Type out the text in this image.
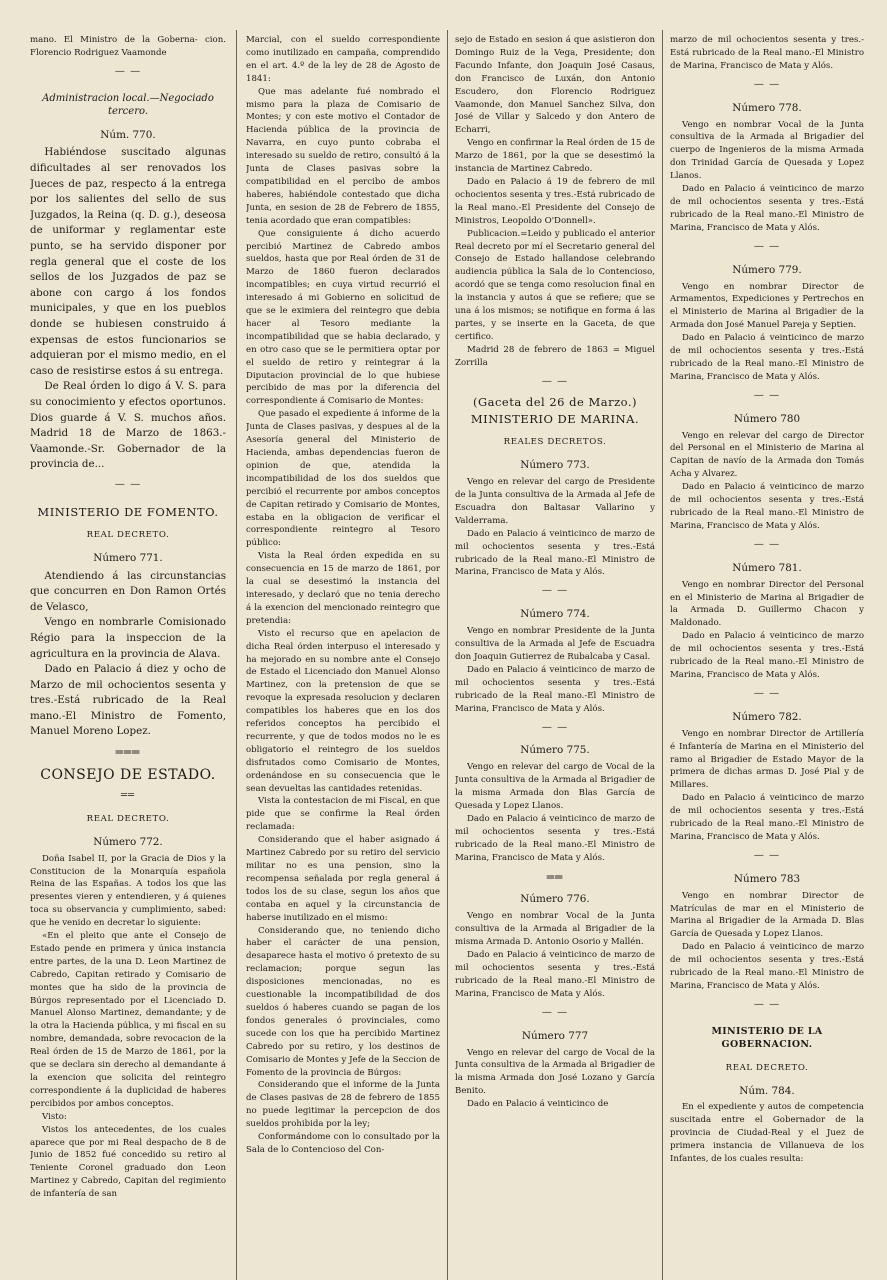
mano. El Ministro de la Goberna- cion. Florencio Rodriguez Vaamonde

— —
Administracion local.—Negociado tercero.
Núm. 770.

Habiéndose suscitado algunas dificultades al ser renovados los Jueces de paz, respecto á la entrega por los salientes del sello de sus Juzgados, la Reina (q. D. g.), deseosa de uniformar y reglamentar este punto, se ha servido disponer por regla general que el coste de los sellos de los Juzgados de paz se abone con cargo á los fondos municipales, y que en los pueblos donde se hubiesen construido á expensas de estos funcionarios se adquieran por el mismo medio, en el caso de resistirse estos á su entrega.

De Real órden lo digo á V. S. para su conocimiento y efectos oportunos. Dios guarde á V. S. muchos años. Madrid 18 de Marzo de 1863.-Vaamonde.-Sr. Gobernador de la provincia de...

— —
MINISTERIO DE FOMENTO.
REAL DECRETO.
Número 771.

Atendiendo á las circunstancias que concurren en Don Ramon Ortés de Velasco,

Vengo en nombrarle Comisionado Régio para la inspeccion de la agricultura en la provincia de Alava.

Dado en Palacio á diez y ocho de Marzo de mil ochocientos sesenta y tres.-Está rubricado de la Real mano.-El Ministro de Fomento, Manuel Moreno Lopez.

═══
CONSEJO DE ESTADO.
══
REAL DECRETO.
Número 772.

Doña Isabel II, por la Gracia de Dios y la Constitucion de la Monarquía española Reina de las Españas. A todos los que las presentes vieren y entendieren, y á quienes toca su observancia y cumplimiento, sabed: que he venido en decretar lo siguiente:

«En el pleito que ante el Consejo de Estado pende en primera y única instancia entre partes, de la una D. Leon Martinez de Cabredo, Capitan retirado y Comisario de montes que ha sido de la provincia de Búrgos representado por el Licenciado D. Manuel Alonso Martinez, demandante; y de la otra la Hacienda pública, y mi fiscal en su nombre, demandada, sobre revocacion de la Real órden de 15 de Marzo de 1861, por la que se declara sin derecho al demandante á la exencion que solicita del reintegro correspondiente á la duplicidad de haberes percibidos por ambos conceptos.

Visto:

Vistos los antecedentes, de los cuales aparece que por mi Real despacho de 8 de Junio de 1852 fué concedido su retiro al Teniente Coronel graduado don Leon Martinez y Cabredo, Capitan del regimiento de infantería de san

Marcial, con el sueldo correspondiente como inutilizado en campaña, comprendido en el art. 4.º de la ley de 28 de Agosto de 1841:

Que mas adelante fué nombrado el mismo para la plaza de Comisario de Montes; y con este motivo el Contador de Hacienda pública de la provincia de Navarra, en cuyo punto cobraba el interesado su sueldo de retiro, consultó á la Junta de Clases pasivas sobre la compatibilidad en el percibo de ambos haberes, habiéndole contestado que dicha Junta, en sesion de 28 de Febrero de 1855, tenia acordado que eran compatibles:

Que consiguiente á dicho acuerdo percibió Martinez de Cabredo ambos sueldos, hasta que por Real órden de 31 de Marzo de 1860 fueron declarados incompatibles; en cuya virtud recurrió el interesado á mi Gobierno en solicitud de que se le eximiera del reintegro que debia hacer al Tesoro mediante la incompatibilidad que se habia declarado, y en otro caso que se le permitiera optar por el sueldo de retiro y reintegrar á la Diputacion provincial de lo que hubiese percibido de mas por la diferencia del correspondiente á Comisario de Montes:

Que pasado el expediente á informe de la Junta de Clases pasivas, y despues al de la Asesoría general del Ministerio de Hacienda, ambas dependencias fueron de opinion de que, atendida la incompatibilidad de los dos sueldos que percibió el recurrente por ambos conceptos de Capitan retirado y Comisario de Montes, estaba en la obligacion de verificar el correspondiente reintegro al Tesoro público:

Vista la Real órden expedida en su consecuencia en 15 de marzo de 1861, por la cual se desestimó la instancia del interesado, y declaró que no tenia derecho á la exencion del mencionado reintegro que pretendia:

Visto el recurso que en apelacion de dicha Real órden interpuso el interesado y ha mejorado en su nombre ante el Consejo de Estado el Licenciado don Manuel Alonso Martinez, con la pretension de que se revoque la expresada resolucion y declaren compatibles los haberes que en los dos referidos conceptos ha percibido el recurrente, y que de todos modos no le es obligatorio el reintegro de los sueldos disfrutados como Comisario de Montes, ordenándose en su consecuencia que le sean devueltas las cantidades retenidas.

Vista la contestacion de mi Fiscal, en que pide que se confirme la Real órden reclamada:

Considerando que el haber asignado á Martinez Cabredo por su retiro del servicio militar no es una pension, sino la recompensa señalada por regla general á todos los de su clase, segun los años que contaba en aquel y la circunstancia de haberse inutilizado en el mismo:

Considerando que, no teniendo dicho haber el carácter de una pension, desaparece hasta el motivo ó pretexto de su reclamacion; porque segun las disposiciones mencionadas, no es cuestionable la incompatibilidad de dos sueldos ó haberes cuando se pagan de los fondos generales ó provinciales, como sucede con los que ha percibido Martinez Cabredo por su retiro, y los destinos de Comisario de Montes y Jefe de la Seccion de Fomento de la provincia de Búrgos:

Considerando que el informe de la Junta de Clases pasivas de 28 de febrero de 1855 no puede legitimar la percepcion de dos sueldos prohibida por la ley;

Conformándome con lo consultado por la Sala de lo Contencioso del Con-

sejo de Estado en sesion á que asistieron don Domingo Ruiz de la Vega, Presidente; don Facundo Infante, don Joaquin José Casaus, don Francisco de Luxán, don Antonio Escudero, don Florencio Rodriguez Vaamonde, don Manuel Sanchez Silva, don José de Villar y Salcedo y don Antero de Echarri,

Vengo en confirmar la Real órden de 15 de Marzo de 1861, por la que se desestimó la instancia de Martinez Cabredo.

Dado en Palacio á 19 de febrero de mil ochocientos sesenta y tres.-Está rubricado de la Real mano.-El Presidente del Consejo de Ministros, Leopoldo O'Donnell».

Publicacion.=Leido y publicado el anterior Real decreto por mí el Secretario general del Consejo de Estado hallandose celebrando audiencia pública la Sala de lo Contencioso, acordó que se tenga como resolucion final en la instancia y autos á que se refiere; que se una á los mismos; se notifique en forma á las partes, y se inserte en la Gaceta, de que certifico.

Madrid 28 de febrero de 1863 = Miguel Zorrilla

— —
(Gaceta del 26 de Marzo.)
MINISTERIO DE MARINA.
REALES DECRETOS.
Número 773.

Vengo en relevar del cargo de Presidente de la Junta consultiva de la Armada al Jefe de Escuadra don Baltasar Vallarino y Valderrama.

Dado en Palacio á veinticinco de marzo de mil ochocientos sesenta y tres.-Está rubricado de la Real mano.-El Ministro de Marina, Francisco de Mata y Alós.

— —
Número 774.

Vengo en nombrar Presidente de la Junta consultiva de la Armada al Jefe de Escuadra don Joaquin Gutierrez de Rubalcaba y Casal.

Dado en Palacio á veinticinco de marzo de mil ochocientos sesenta y tres.-Está rubricado de la Real mano.-El Ministro de Marina, Francisco de Mata y Alós.

— —
Número 775.

Vengo en relevar del cargo de Vocal de la Junta consultiva de la Armada al Brigadier de la misma Armada don Blas García de Quesada y Lopez Llanos.

Dado en Palacio á veinticinco de marzo de mil ochocientos sesenta y tres.-Está rubricado de la Real mano.-El Ministro de Marina, Francisco de Mata y Alós.

══
Número 776.

Vengo en nombrar Vocal de la Junta consultiva de la Armada al Brigadier de la misma Armada D. Antonio Osorio y Mallén.

Dado en Palacio á veinticinco de marzo de mil ochocientos sesenta y tres.-Está rubricado de la Real mano.-El Ministro de Marina, Francisco de Mata y Alós.

— —
Número 777

Vengo en relevar del cargo de Vocal de la Junta consultiva de la Armada al Brigadier de la misma Armada don José Lozano y García Benito.

Dado en Palacio á veinticinco de

marzo de mil ochocientos sesenta y tres.-Está rubricado de la Real mano.-El Ministro de Marina, Francisco de Mata y Alós.

— —
Número 778.

Vengo en nombrar Vocal de la Junta consultiva de la Armada al Brigadier del cuerpo de Ingenieros de la misma Armada don Trinidad García de Quesada y Lopez Llanos.

Dado en Palacio á veinticinco de marzo de mil ochocientos sesenta y tres.-Está rubricado de la Real mano.-El Ministro de Marina, Francisco de Mata y Alós.

— —
Número 779.

Vengo en nombrar Director de Armamentos, Expediciones y Pertrechos en el Ministerio de Marina al Brigadier de la Armada don José Manuel Pareja y Septien.

Dado en Palacio á veinticinco de marzo de mil ochocientos sesenta y tres.-Está rubricado de la Real mano.-El Ministro de Marina, Francisco de Mata y Alós.

— —
Número 780

Vengo en relevar del cargo de Director del Personal en el Ministerio de Marina al Capitan de navío de la Armada don Tomás Acha y Alvarez.

Dado en Palacio á veinticinco de marzo de mil ochocientos sesenta y tres.-Está rubricado de la Real mano.-El Ministro de Marina, Francisco de Mata y Alós.

— —
Número 781.

Vengo en nombrar Director del Personal en el Ministerio de Marina al Brigadier de la Armada D. Guillermo Chacon y Maldonado.

Dado en Palacio á veinticinco de marzo de mil ochocientos sesenta y tres.-Está rubricado de la Real mano.-El Ministro de Marina, Francisco de Mata y Alós.

— —
Número 782.

Vengo en nombrar Director de Artillería é Infantería de Marina en el Ministerio del ramo al Brigadier de Estado Mayor de la primera de dichas armas D. José Pial y de Millares.

Dado en Palacio á veinticinco de marzo de mil ochocientos sesenta y tres.-Está rubricado de la Real mano.-El Ministro de Marina, Francisco de Mata y Alós.

— —
Número 783

Vengo en nombrar Director de Matrículas de mar en el Ministerio de Marina al Brigadier de la Armada D. Blas García de Quesada y Lopez Llanos.

Dado en Palacio á veinticinco de marzo de mil ochocientos sesenta y tres.-Está rubricado de la Real mano.-El Ministro de Marina, Francisco de Mata y Alós.

— —
MINISTERIO DE LA GOBERNACION.
REAL DECRETO.
Núm. 784.

En el expediente y autos de competencia suscitada entre el Gobernador de la provincia de Ciudad-Real y el Juez de primera instancia de Villanueva de los Infantes, de los cuales resulta:
